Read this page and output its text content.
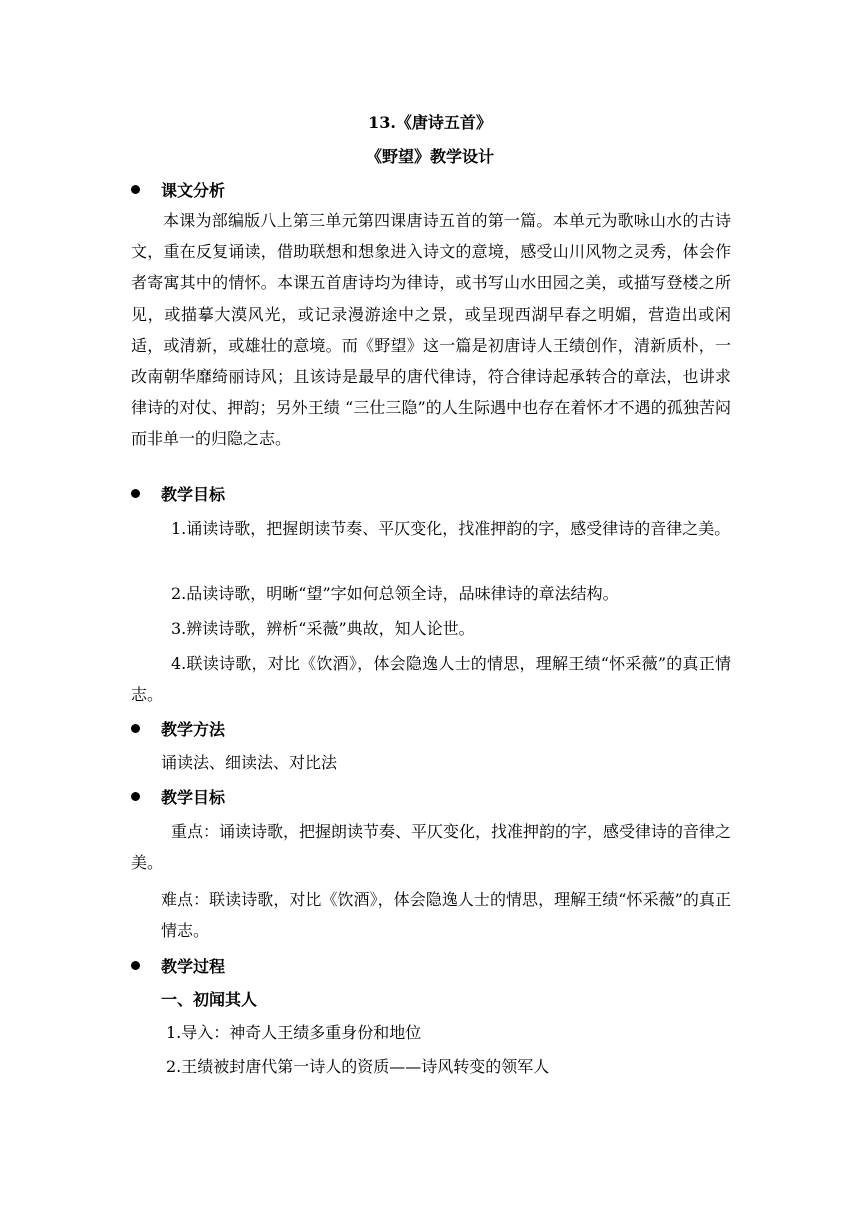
13.《唐诗五首》
《野望》教学设计
课文分析
本课为部编版八上第三单元第四课唐诗五首的第一篇。本单元为歌咏山水的古诗文，重在反复诵读，借助联想和想象进入诗文的意境，感受山川风物之灵秀，体会作者寄寓其中的情怀。本课五首唐诗均为律诗，或书写山水田园之美，或描写登楼之所见，或描摹大漠风光，或记录漫游途中之景，或呈现西湖早春之明媚，营造出或闲适，或清新，或雄壮的意境。而《野望》这一篇是初唐诗人王绩创作，清新质朴，一改南朝华靡绮丽诗风；且该诗是最早的唐代律诗，符合律诗起承转合的章法，也讲求律诗的对仗、押韵；另外王绩 “三仕三隐”的人生际遇中也存在着怀才不遇的孤独苦闷而非单一的归隐之志。
教学目标
1.诵读诗歌，把握朗读节奏、平仄变化，找准押韵的字，感受律诗的音律之美。
2.品读诗歌，明晰“望”字如何总领全诗，品味律诗的章法结构。
3.辨读诗歌，辨析“采薇”典故，知人论世。
4.联读诗歌，对比《饮酒》，体会隐逸人士的情思，理解王绩“怀采薇”的真正情志。
教学方法
诵读法、细读法、对比法
教学目标
重点：诵读诗歌，把握朗读节奏、平仄变化，找准押韵的字，感受律诗的音律之美。
难点：联读诗歌，对比《饮酒》，体会隐逸人士的情思，理解王绩“怀采薇”的真正情志。
教学过程
一、初闻其人
1.导入：神奇人王绩多重身份和地位
2.王绩被封唐代第一诗人的资质——诗风转变的领军人
